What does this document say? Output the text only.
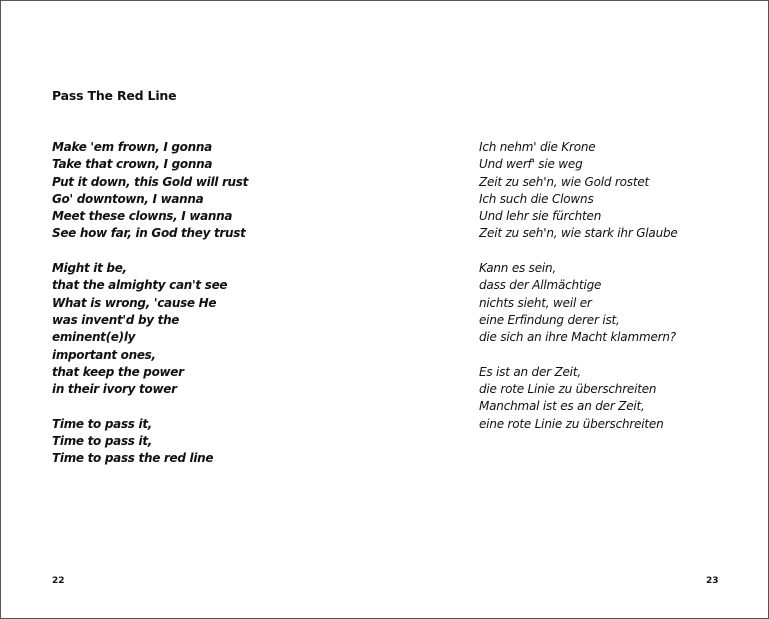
Pass The Red Line
Make 'em frown, I gonna
Take that crown, I gonna
Put it down, this Gold will rust
Go' downtown, I wanna
Meet these clowns, I wanna
See how far, in God they trust
Might it be,
that the almighty can't see
What is wrong, 'cause He
was invent'd by the
eminent(e)ly
important ones,
that keep the power
in their ivory tower
Time to pass it,
Time to pass it,
Time to pass the red line
Ich nehm' die Krone
Und werf' sie weg
Zeit zu seh'n, wie Gold rostet
Ich such die Clowns
Und lehr sie fürchten
Zeit zu seh'n, wie stark ihr Glaube
Kann es sein,
dass der Allmächtige
nichts sieht, weil er
eine Erfindung derer ist,
die sich an ihre Macht klammern?
Es ist an der Zeit,
die rote Linie zu überschreiten
Manchmal ist es an der Zeit,
eine rote Linie zu überschreiten
22	23
